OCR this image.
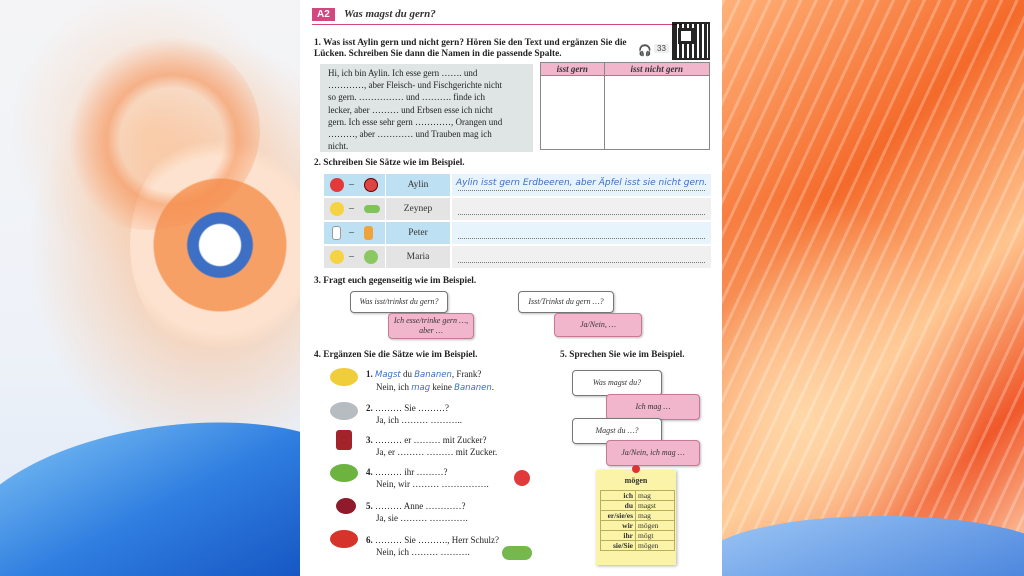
A2	Was magst du gern?
🎧 33
1. Was isst Aylin gern und nicht gern? Hören Sie den Text und ergänzen Sie die Lücken. Schreiben Sie dann die Namen in die passende Spalte.
Hi, ich bin Aylin. Ich esse gern ……. und
…………, aber Fleisch- und Fischgerichte nicht
so gern. …………… und ………. finde ich
lecker, aber ……… und Erbsen esse ich nicht
gern. Ich esse sehr gern …………, Orangen und
………, aber ………… und Trauben mag ich
nicht.
isst gern	isst nicht gern

2. Schreiben Sie Sätze wie im Beispiel.
–	Aylin	Aylin isst gern Erdbeeren, aber Äpfel isst sie nicht gern.
–	Zeynep
–	Peter
–	Maria
3. Fragt euch gegenseitig wie im Beispiel.
Was isst/trinkst du gern?
Ich esse/trinke gern …, aber …
Isst/Trinkst du gern …?
Ja/Nein, …
4. Ergänzen Sie die Sätze wie im Beispiel.
1. Magst du Bananen, Frank?
Nein, ich mag keine Bananen.
2. ……… Sie ………?
Ja, ich ……… ………..
3. ……… er ……… mit Zucker?
Ja, er ……… ……… mit Zucker.
4. ……… ihr ………?
Nein, wir ……… …………….
5. ……… Anne …………?
Ja, sie ……… ………….
6. ……… Sie ………., Herr Schulz?
Nein, ich ……… ……….
5. Sprechen Sie wie im Beispiel.
Was magst du?
Ich mag …
Magst du …?
Ja/Nein, ich mag …
mögen
ich	mag
du	magst
er/sie/es	mag
wir	mögen
ihr	mögt
sie/Sie	mögen
